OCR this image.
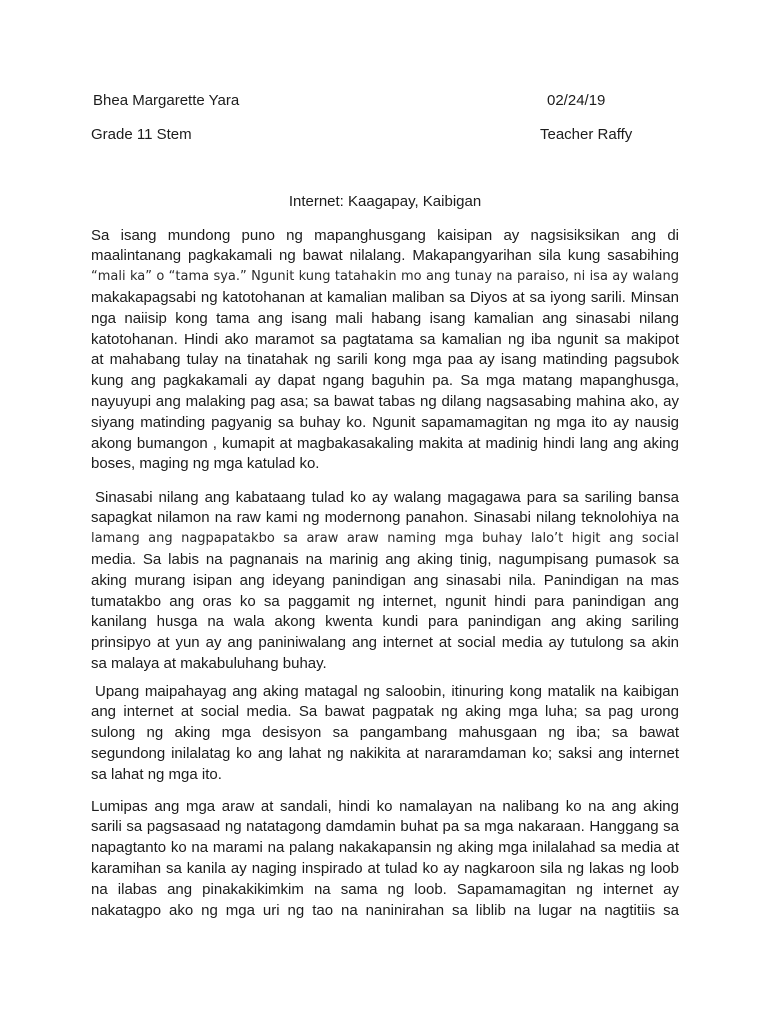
Bhea Margarette Yara	02/24/19
Grade 11 Stem	Teacher Raffy
Internet: Kaagapay, Kaibigan
Sa isang mundong puno ng mapanghusgang kaisipan ay nagsisiksikan ang di
maalintanang pagkakamali ng bawat nilalang. Makapangyarihan sila kung sasabihing
“mali ka” o “tama sya.” Ngunit kung tatahakin mo ang tunay na paraiso, ni isa ay walang
makakapagsabi ng katotohanan at kamalian maliban sa Diyos at sa iyong sarili. Minsan
nga naiisip kong tama ang isang mali habang isang kamalian ang sinasabi nilang
katotohanan. Hindi ako maramot sa pagtatama sa kamalian ng iba ngunit sa makipot
at mahabang tulay na tinatahak ng sarili kong mga paa ay isang matinding pagsubok
kung ang pagkakamali ay dapat ngang baguhin pa. Sa mga matang mapanghusga,
nayuyupi ang malaking pag asa; sa bawat tabas ng dilang nagsasabing mahina ako, ay
siyang matinding pagyanig sa buhay ko. Ngunit sapamamagitan ng mga ito ay nausig
akong bumangon , kumapit at magbakasakaling makita at madinig hindi lang ang aking
boses, maging ng mga katulad ko.
Sinasabi nilang ang kabataang tulad ko ay walang magagawa para sa sariling bansa
sapagkat nilamon na raw kami ng modernong panahon. Sinasabi nilang teknolohiya na
lamang ang nagpapatakbo sa araw araw naming mga buhay lalo’t higit ang social
media. Sa labis na pagnanais na marinig ang aking tinig, nagumpisang pumasok sa
aking murang isipan ang ideyang panindigan ang sinasabi nila. Panindigan na mas
tumatakbo ang oras ko sa paggamit ng internet, ngunit hindi para panindigan ang
kanilang husga na wala akong kwenta kundi para panindigan ang aking sariling
prinsipyo at yun ay ang paniniwalang ang internet at social media ay tutulong sa akin
sa malaya at makabuluhang buhay.
Upang maipahayag ang aking matagal ng saloobin, itinuring kong matalik na kaibigan
ang internet at social media. Sa bawat pagpatak ng aking mga luha; sa pag urong
sulong ng aking mga desisyon sa pangambang mahusgaan ng iba; sa bawat
segundong inilalatag ko ang lahat ng nakikita at nararamdaman ko; saksi ang internet
sa lahat ng mga ito.
Lumipas ang mga araw at sandali, hindi ko namalayan na nalibang ko na ang aking
sarili sa pagsasaad ng natatagong damdamin buhat pa sa mga nakaraan. Hanggang sa
napagtanto ko na marami na palang nakakapansin ng aking mga inilalahad sa media at
karamihan sa kanila ay naging inspirado at tulad ko ay nagkaroon sila ng lakas ng loob
na ilabas ang pinakakikimkim na sama ng loob. Sapamamagitan ng internet ay
nakatagpo ako ng mga uri ng tao na naninirahan sa liblib na lugar na nagtitiis sa
